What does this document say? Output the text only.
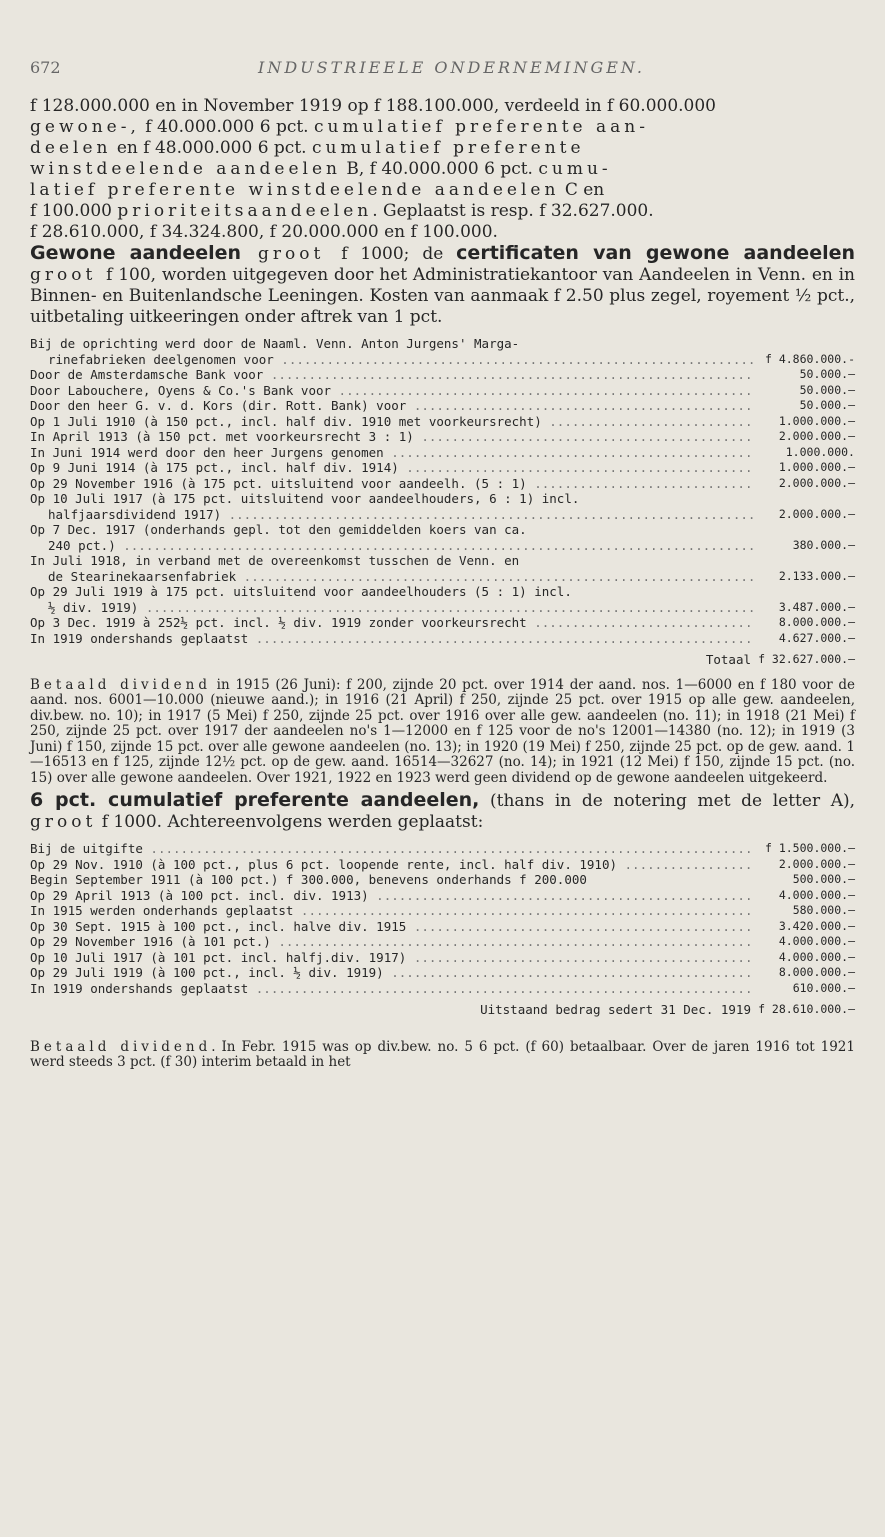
672	INDUSTRIEELE ONDERNEMINGEN.

f 128.000.000 en in November 1919 op f 188.100.000, verdeeld in f 60.000.000

gewone-, f 40.000.000 6 pct. cumulatief preferente aan-

deelen en f 48.000.000 6 pct. cumulatief preferente

winstdeelende aandeelen B, f 40.000.000 6 pct. cumu-

latief preferente winstdeelende aandeelen C en

f 100.000 prioriteitsaandeelen. Geplaatst is resp. f 32.627.000.

f 28.610.000, f 34.324.800, f 20.000.000 en f 100.000.

Gewone aandeelen groot f 1000; de certificaten van gewone aandeelen groot f 100, worden uitgegeven door het Administratiekantoor van Aandeelen in Venn. en in Binnen- en Buitenlandsche Leeningen. Kosten van aanmaak f 2.50 plus zegel, royement ½ pct., uitbetaling uitkeeringen onder aftrek van 1 pct.

Bij de oprichting werd door de Naaml. Venn. Anton Jurgens' Marga-
rinefabrieken deelgenomen voor .....	f 4.860.000.-
Door de Amsterdamsche Bank voor .....	50.000.–
Door Labouchere, Oyens & Co.'s Bank voor .....	50.000.–
Door den heer G. v. d. Kors (dir. Rott. Bank) voor .....	50.000.–
Op 1 Juli 1910 (à 150 pct., incl. half div. 1910 met voorkeursrecht) .....	1.000.000.–
In April 1913 (à 150 pct. met voorkeursrecht 3 : 1) .....	2.000.000.–
In Juni 1914 werd door den heer Jurgens genomen .....	1.000.000.
Op 9 Juni 1914 (à 175 pct., incl. half div. 1914) .....	1.000.000.–
Op 29 November 1916 (à 175 pct. uitsluitend voor aandeelh. (5 : 1) .....	2.000.000.–
Op 10 Juli 1917 (à 175 pct. uitsluitend voor aandeelhouders, 6 : 1) incl.
halfjaarsdividend 1917) .....	2.000.000.–
Op 7 Dec. 1917 (onderhands gepl. tot den gemiddelden koers van ca.
240 pct.) .....	380.000.–
In Juli 1918, in verband met de overeenkomst tusschen de Venn. en
de Stearinekaarsenfabriek .....	2.133.000.–
Op 29 Juli 1919 à 175 pct. uitsluitend voor aandeelhouders (5 : 1) incl.
½ div. 1919) .....	3.487.000.–
Op 3 Dec. 1919 à 252½ pct. incl. ½ div. 1919 zonder voorkeursrecht .....	8.000.000.–
In 1919 ondershands geplaatst .....	4.627.000.–
Totaal f 32.627.000.–

Betaald dividend in 1915 (26 Juni): f 200, zijnde 20 pct. over 1914 der aand. nos. 1—6000 en f 180 voor de aand. nos. 6001—10.000 (nieuwe aand.); in 1916 (21 April) f 250, zijnde 25 pct. over 1915 op alle gew. aandeelen, div.bew. no. 10); in 1917 (5 Mei) f 250, zijnde 25 pct. over 1916 over alle gew. aandeelen (no. 11); in 1918 (21 Mei) f 250, zijnde 25 pct. over 1917 der aandeelen no's 1—12000 en f 125 voor de no's 12001—14380 (no. 12); in 1919 (3 Juni) f 150, zijnde 15 pct. over alle gewone aandeelen (no. 13); in 1920 (19 Mei) f 250, zijnde 25 pct. op de gew. aand. 1—16513 en f 125, zijnde 12½ pct. op de gew. aand. 16514—32627 (no. 14); in 1921 (12 Mei) f 150, zijnde 15 pct. (no. 15) over alle gewone aandeelen. Over 1921, 1922 en 1923 werd geen dividend op de gewone aandeelen uitgekeerd.

6 pct. cumulatief preferente aandeelen, (thans in de notering met de letter A), groot f 1000. Achtereenvolgens werden geplaatst:

Bij de uitgifte .....	f 1.500.000.–
Op 29 Nov. 1910 (à 100 pct., plus 6 pct. loopende rente, incl. half div. 1910) .....	2.000.000.–
Begin September 1911 (à 100 pct.) f 300.000, benevens onderhands f 200.000	500.000.–
Op 29 April 1913 (à 100 pct. incl. div. 1913) .....	4.000.000.–
In 1915 werden onderhands geplaatst .....	580.000.–
Op 30 Sept. 1915 à 100 pct., incl. halve div. 1915 .....	3.420.000.–
Op 29 November 1916 (à 101 pct.) .....	4.000.000.–
Op 10 Juli 1917 (à 101 pct. incl. halfj.div. 1917) .....	4.000.000.–
Op 29 Juli 1919 (à 100 pct., incl. ½ div. 1919) .....	8.000.000.–
In 1919 ondershands geplaatst .....	610.000.–
Uitstaand bedrag sedert 31 Dec. 1919 f 28.610.000.–

Betaald dividend. In Febr. 1915 was op div.bew. no. 5 6 pct. (f 60) betaalbaar. Over de jaren 1916 tot 1921 werd steeds 3 pct. (f 30) interim betaald in het
